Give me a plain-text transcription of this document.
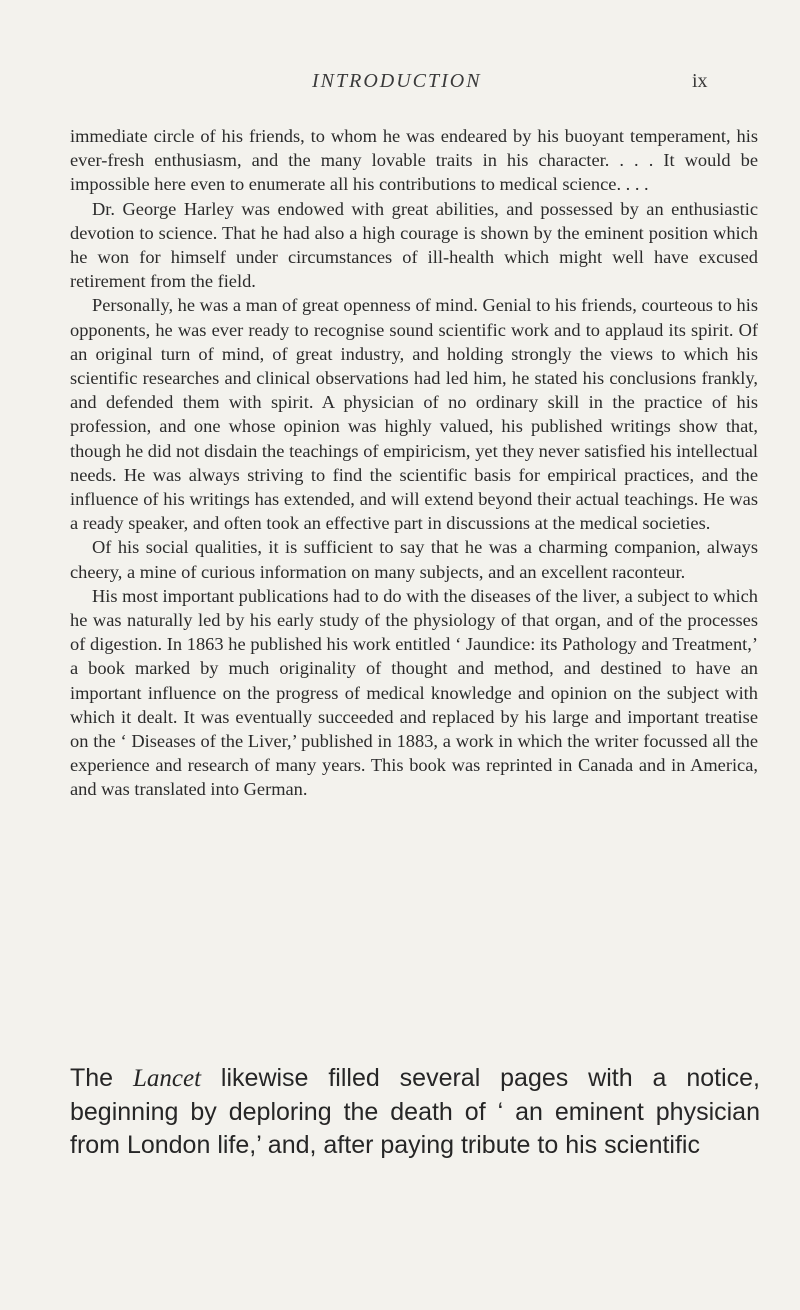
INTRODUCTION	ix

immediate circle of his friends, to whom he was endeared by his buoyant temperament, his ever-fresh enthusiasm, and the many lovable traits in his character. . . . It would be impossible here even to enumerate all his contributions to medical science. . . .

Dr. George Harley was endowed with great abilities, and possessed by an enthusiastic devotion to science. That he had also a high courage is shown by the eminent position which he won for himself under circumstances of ill-health which might well have excused retirement from the field.

Personally, he was a man of great openness of mind. Genial to his friends, courteous to his opponents, he was ever ready to recognise sound scientific work and to applaud its spirit. Of an original turn of mind, of great industry, and holding strongly the views to which his scientific researches and clinical observations had led him, he stated his conclusions frankly, and defended them with spirit. A physician of no ordinary skill in the practice of his profession, and one whose opinion was highly valued, his published writings show that, though he did not disdain the teachings of empiricism, yet they never satisfied his intellectual needs. He was always striving to find the scientific basis for empirical practices, and the influence of his writings has extended, and will extend beyond their actual teachings. He was a ready speaker, and often took an effective part in discussions at the medical societies.

Of his social qualities, it is sufficient to say that he was a charming companion, always cheery, a mine of curious information on many subjects, and an excellent raconteur.

His most important publications had to do with the diseases of the liver, a subject to which he was naturally led by his early study of the physiology of that organ, and of the processes of digestion. In 1863 he published his work entitled ‘ Jaundice: its Pathology and Treatment,’ a book marked by much originality of thought and method, and destined to have an important influence on the progress of medical knowledge and opinion on the subject with which it dealt. It was eventually succeeded and replaced by his large and important treatise on the ‘ Diseases of the Liver,’ published in 1883, a work in which the writer focussed all the experience and research of many years. This book was reprinted in Canada and in America, and was translated into German.

The Lancet likewise filled several pages with a notice, beginning by deploring the death of ‘ an eminent physician from London life,’ and, after paying tribute to his scientific
